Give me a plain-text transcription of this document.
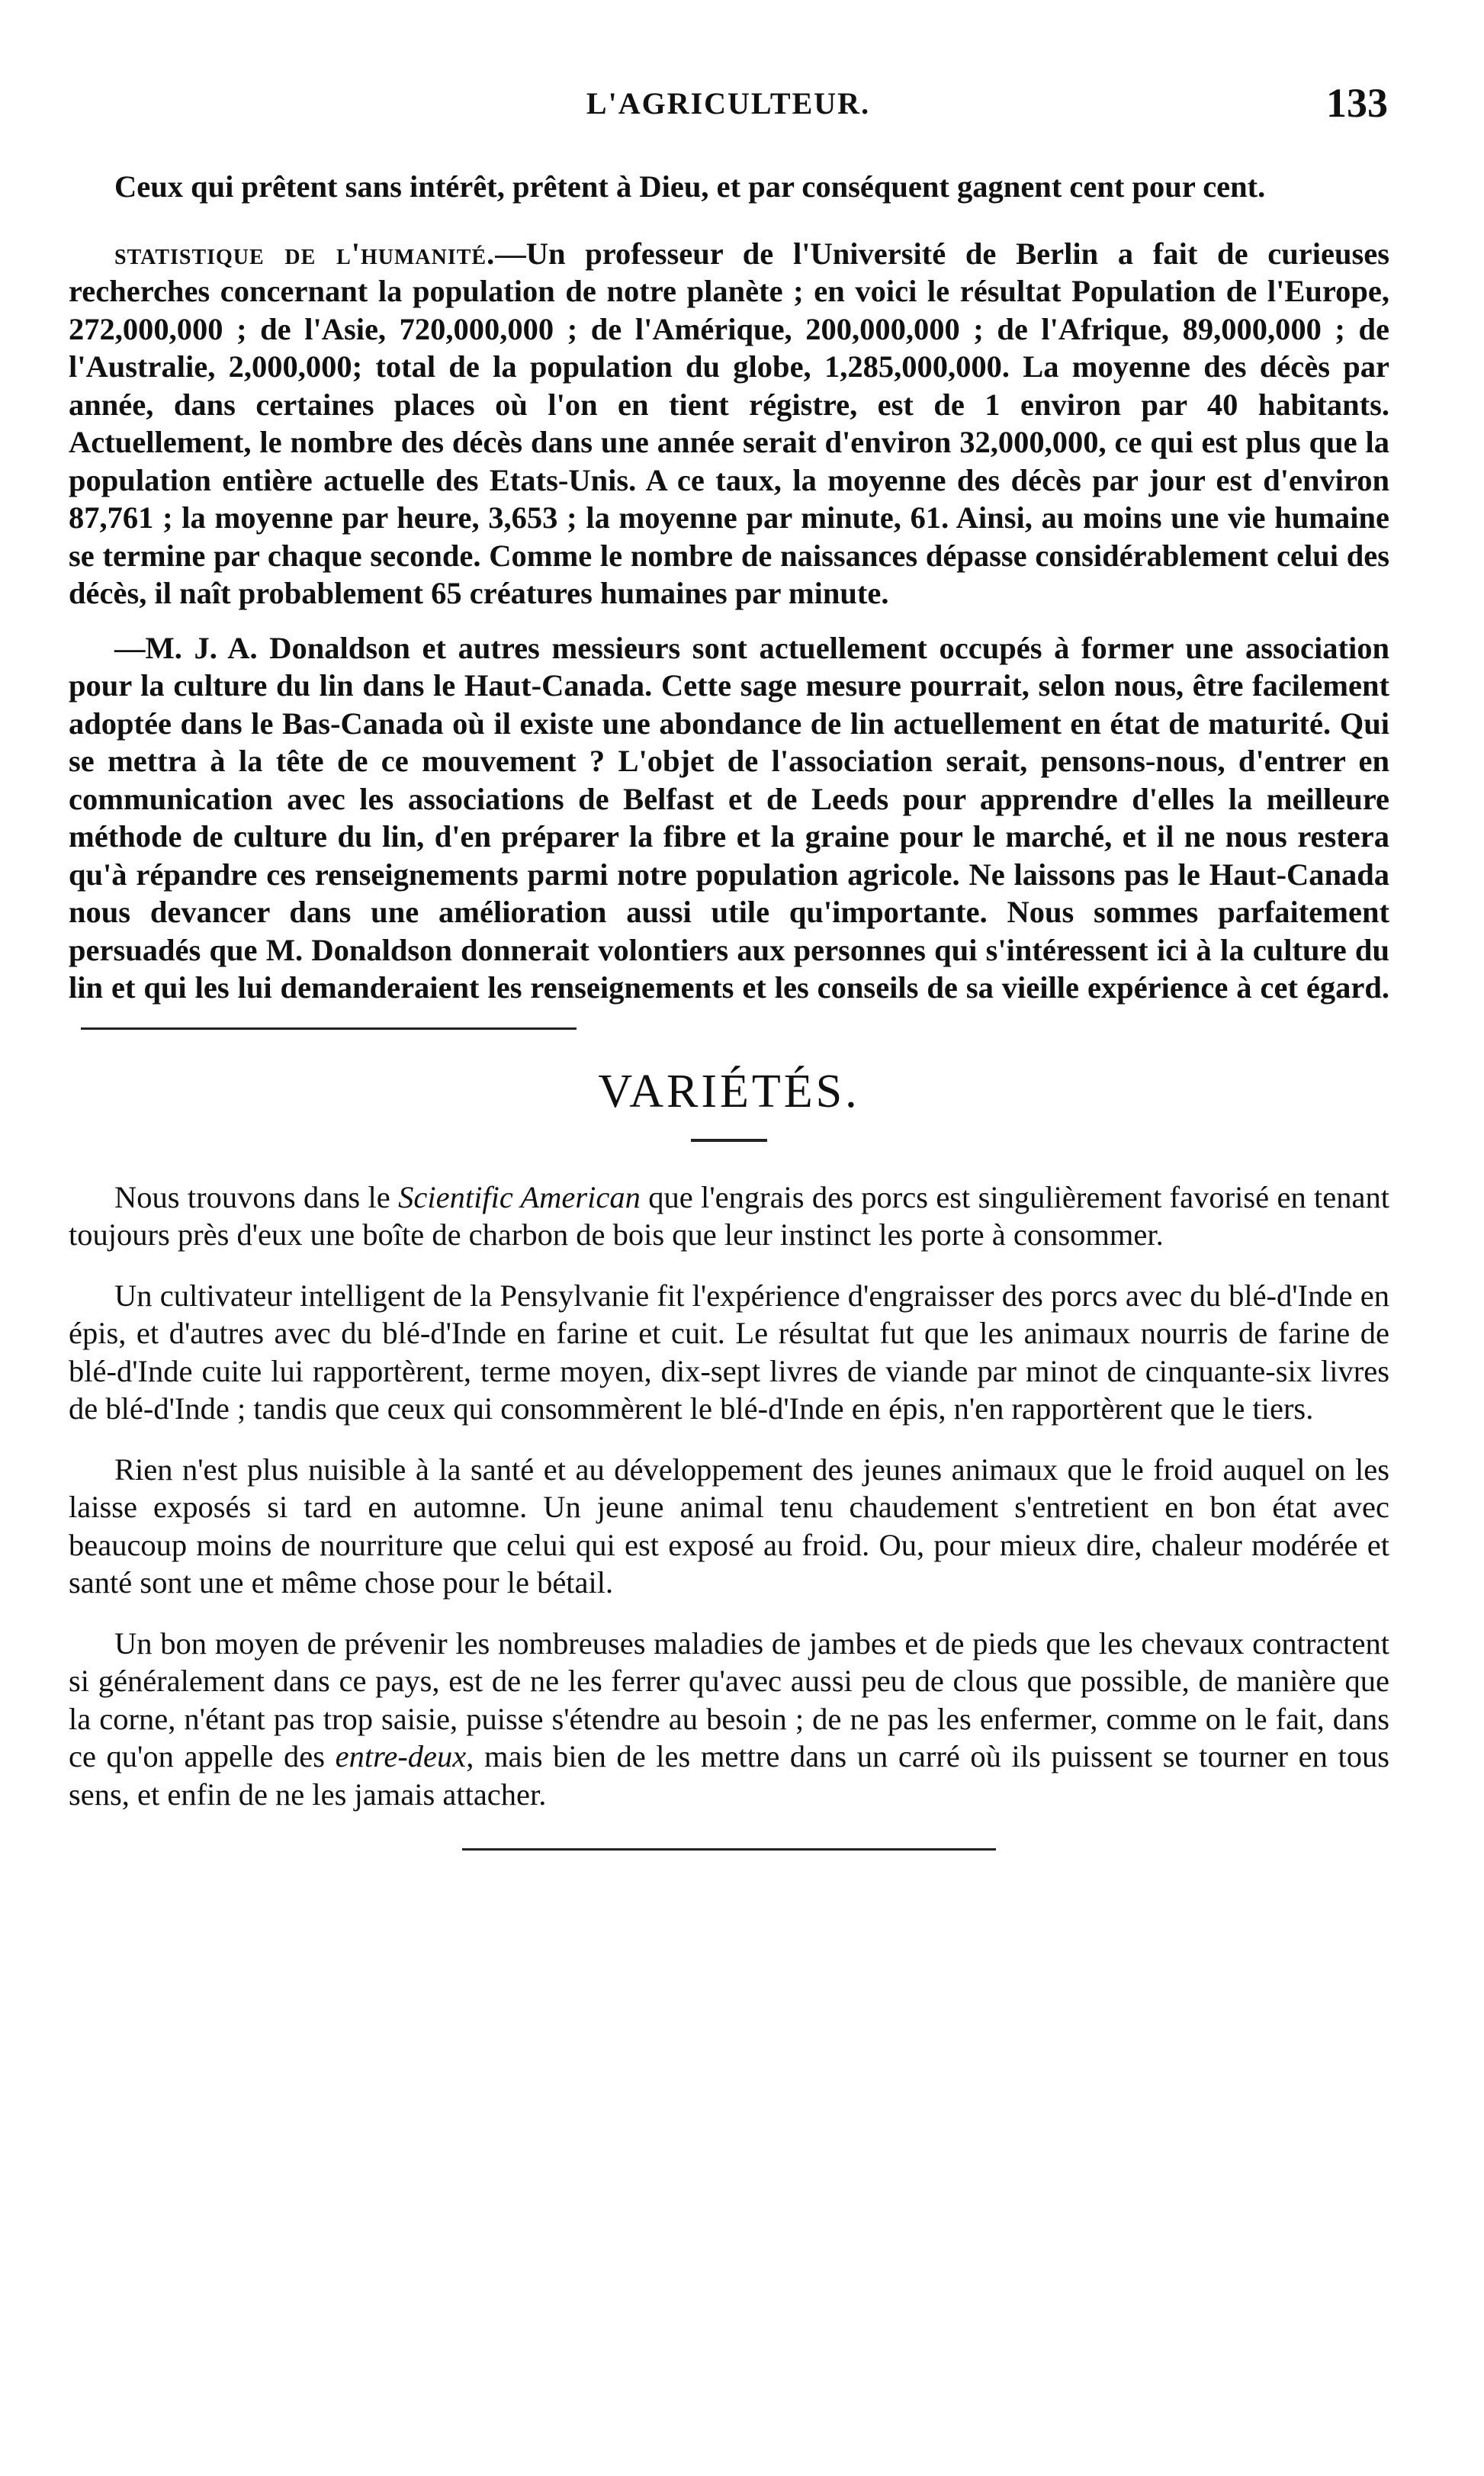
L'AGRICULTEUR.	133

Ceux qui prêtent sans intérêt, prêtent à Dieu, et par conséquent gagnent cent pour cent.

statistique de l'humanité.—Un professeur de l'Université de Berlin a fait de curieuses recherches concernant la population de notre planète ; en voici le résultat Population de l'Europe, 272,000,000 ; de l'Asie, 720,000,000 ; de l'Amérique, 200,000,000 ; de l'Afrique, 89,000,000 ; de l'Australie, 2,000,000; total de la population du globe, 1,285,000,000. La moyenne des décès par année, dans certaines places où l'on en tient régistre, est de 1 environ par 40 habitants. Actuellement, le nombre des décès dans une année serait d'environ 32,000,000, ce qui est plus que la population entière actuelle des Etats-Unis. A ce taux, la moyenne des décès par jour est d'environ 87,761 ; la moyenne par heure, 3,653 ; la moyenne par minute, 61. Ainsi, au moins une vie humaine se termine par chaque seconde. Comme le nombre de naissances dépasse considérablement celui des décès, il naît probablement 65 créatures humaines par minute.

—M. J. A. Donaldson et autres messieurs sont actuellement occupés à former une association pour la culture du lin dans le Haut-Canada. Cette sage mesure pourrait, selon nous, être facilement adoptée dans le Bas-Canada où il existe une abondance de lin actuellement en état de maturité. Qui se mettra à la tête de ce mouvement ? L'objet de l'association serait, pensons-nous, d'entrer en communication avec les associations de Belfast et de Leeds pour apprendre d'elles la meilleure méthode de culture du lin, d'en préparer la fibre et la graine pour le marché, et il ne nous restera qu'à répandre ces renseignements parmi notre population agricole. Ne laissons pas le Haut-Canada nous devancer dans une amélioration aussi utile qu'importante. Nous sommes parfaitement persuadés que M. Donaldson donnerait volontiers aux personnes qui s'intéressent ici à la culture du lin et qui les lui demanderaient les renseignements et les conseils de sa vieille expérience à cet égard.

VARIÉTÉS.

Nous trouvons dans le Scientific American que l'engrais des porcs est singulièrement favorisé en tenant toujours près d'eux une boîte de charbon de bois que leur instinct les porte à consommer.

Un cultivateur intelligent de la Pensylvanie fit l'expérience d'engraisser des porcs avec du blé-d'Inde en épis, et d'autres avec du blé-d'Inde en farine et cuit. Le résultat fut que les animaux nourris de farine de blé-d'Inde cuite lui rapportèrent, terme moyen, dix-sept livres de viande par minot de cinquante-six livres de blé-d'Inde ; tandis que ceux qui consommèrent le blé-d'Inde en épis, n'en rapportèrent que le tiers.

Rien n'est plus nuisible à la santé et au développement des jeunes animaux que le froid auquel on les laisse exposés si tard en automne. Un jeune animal tenu chaudement s'entretient en bon état avec beaucoup moins de nourriture que celui qui est exposé au froid. Ou, pour mieux dire, chaleur modérée et santé sont une et même chose pour le bétail.

Un bon moyen de prévenir les nombreuses maladies de jambes et de pieds que les chevaux contractent si généralement dans ce pays, est de ne les ferrer qu'avec aussi peu de clous que possible, de manière que la corne, n'étant pas trop saisie, puisse s'étendre au besoin ; de ne pas les enfermer, comme on le fait, dans ce qu'on appelle des entre-deux, mais bien de les mettre dans un carré où ils puissent se tourner en tous sens, et enfin de ne les jamais attacher.
